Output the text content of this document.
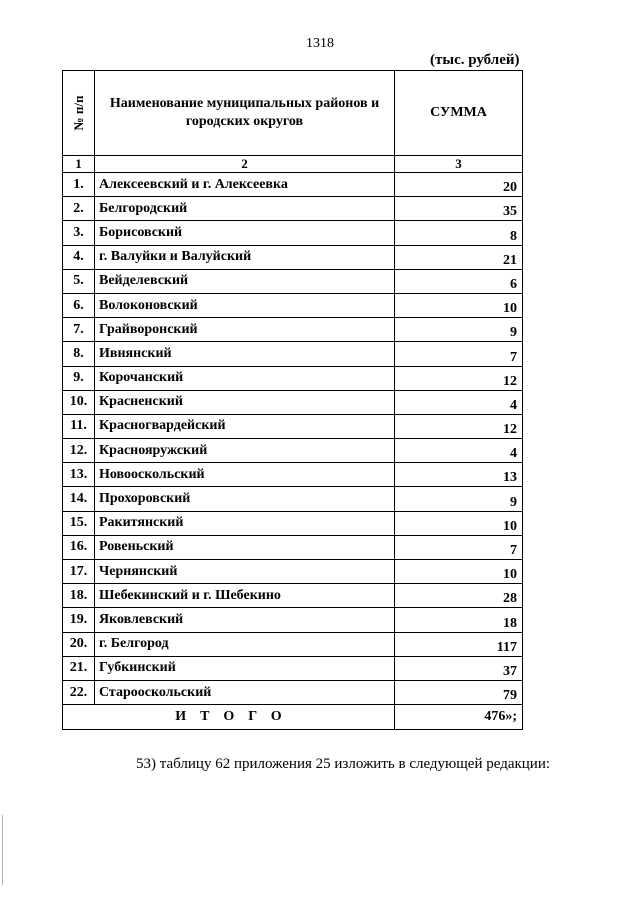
1318
(тыс. рублей)
№ п/п	Наименование муниципальных районов и городских округов	СУММА
1	2	3
1.	Алексеевский и г. Алексеевка	20
2.	Белгородский	35
3.	Борисовский	8
4.	г. Валуйки и Валуйский	21
5.	Вейделевский	6
6.	Волоконовский	10
7.	Грайворонский	9
8.	Ивнянский	7
9.	Корочанский	12
10.	Красненский	4
11.	Красногвардейский	12
12.	Краснояружский	4
13.	Новооскольский	13
14.	Прохоровский	9
15.	Ракитянский	10
16.	Ровеньский	7
17.	Чернянский	10
18.	Шебекинский и г. Шебекино	28
19.	Яковлевский	18
20.	г. Белгород	117
21.	Губкинский	37
22.	Старооскольский	79
ИТОГО		476»;
53) таблицу 62 приложения 25 изложить в следующей редакции:
